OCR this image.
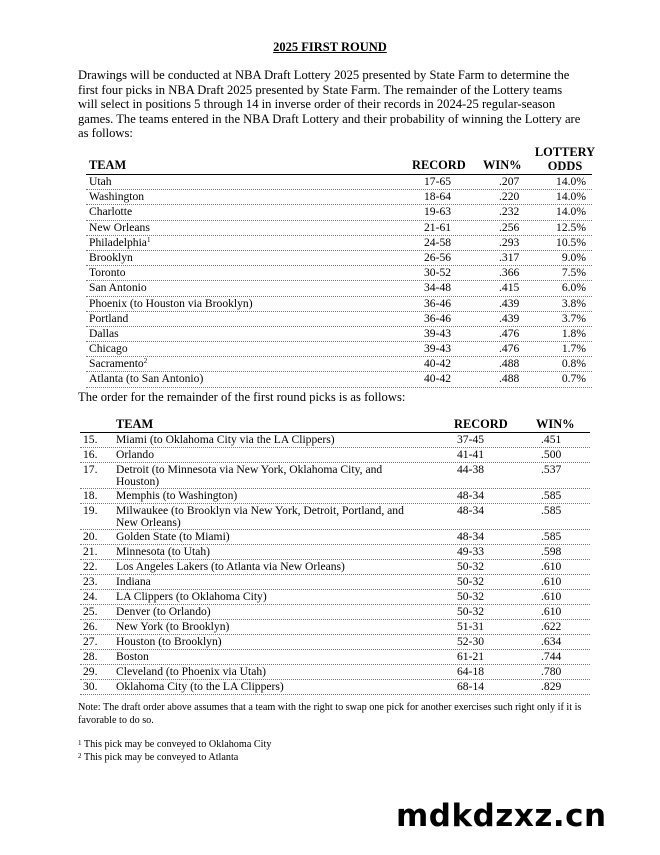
2025 FIRST ROUND
Drawings will be conducted at NBA Draft Lottery 2025 presented by State Farm to determine the first four picks in NBA Draft 2025 presented by State Farm. The remainder of the Lottery teams will select in positions 5 through 14 in inverse order of their records in 2024-25 regular-season games. The teams entered in the NBA Draft Lottery and their probability of winning the Lottery are as follows:
TEAM	RECORD WIN%
LOTTERY
ODDS
Utah	17-65	.207	14.0%
Washington	18-64	.220	14.0%
Charlotte	19-63	.232	14.0%
New Orleans	21-61	.256	12.5%
Philadelphia$^1$	24-58	.293	10.5%
Brooklyn	26-56	.317	9.0%
Toronto	30-52	.366	7.5%
San Antonio	34-48	.415	6.0%
Phoenix (to Houston via Brooklyn)	36-46	.439	3.8%
Portland	36-46	.439	3.7%
Dallas	39-43	.476	1.8%
Chicago	39-43	.476	1.7%
Sacramento$^2$	40-42	.488	0.8%
Atlanta (to San Antonio)	40-42	.488	0.7%
The order for the remainder of the first round picks is as follows:
TEAM	RECORD WIN%
15. Miami (to Oklahoma City via the LA Clippers)	37-45	.451
16. Orlando	41-41	.500
17. Detroit (to Minnesota via New York, Oklahoma City, and Houston)
44-38	.537
18. Memphis (to Washington)	48-34	.585
19. Milwaukee (to Brooklyn via New York, Detroit, Portland, and New Orleans)
48-34	.585
20. Golden State (to Miami)	48-34	.585
21. Minnesota (to Utah)	49-33	.598
22. Los Angeles Lakers (to Atlanta via New Orleans)	50-32	.610
23. Indiana	50-32	.610
24. LA Clippers (to Oklahoma City)	50-32	.610
25. Denver (to Orlando)	50-32	.610
26. New York (to Brooklyn)	51-31	.622
27. Houston (to Brooklyn)	52-30	.634
28. Boston	61-21	.744
29. Cleveland (to Phoenix via Utah)	64-18	.780
30. Oklahoma City (to the LA Clippers)	68-14	.829
Note: The draft order above assumes that a team with the right to swap one pick for another exercises such right only if it is favorable to do so.
$^1$ This pick may be conveyed to Oklahoma City
$^2$ This pick may be conveyed to Atlanta
mdkdzxz.cn
